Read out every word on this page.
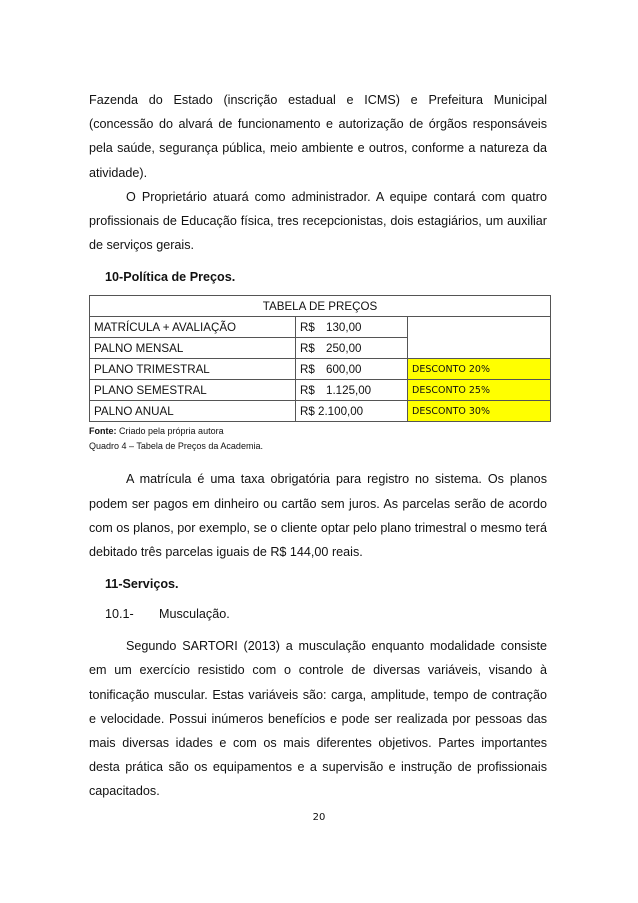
Fazenda do Estado (inscrição estadual e ICMS) e Prefeitura Municipal (concessão do alvará de funcionamento e autorização de órgãos responsáveis pela saúde, segurança pública, meio ambiente e outros, conforme a natureza da atividade).

O Proprietário atuará como administrador. A equipe contará com quatro profissionais de Educação física, tres recepcionistas, dois estagiários, um auxiliar de serviços gerais.

10-Política de Preços.

TABELA DE PREÇOS		
MATRÍCULA + AVALIAÇÃO	R$ 130,00	
PALNO MENSAL	R$ 250,00	
PLANO TRIMESTRAL	R$ 600,00	DESCONTO 20%
PLANO SEMESTRAL	R$ 1.125,00	DESCONTO 25%
PALNO ANUAL	R$ 2.100,00	DESCONTO 30%

Fonte: Criado pela própria autora

Quadro 4 – Tabela de Preços da Academia.

A matrícula é uma taxa obrigatória para registro no sistema. Os planos podem ser pagos em dinheiro ou cartão sem juros. As parcelas serão de acordo com os planos, por exemplo, se o cliente optar pelo plano trimestral o mesmo terá debitado três parcelas iguais de R$ 144,00 reais.

11-Serviços.

10.1- Musculação.

Segundo SARTORI (2013) a musculação enquanto modalidade consiste em um exercício resistido com o controle de diversas variáveis, visando à tonificação muscular. Estas variáveis são: carga, amplitude, tempo de contração e velocidade. Possui inúmeros benefícios e pode ser realizada por pessoas das mais diversas idades e com os mais diferentes objetivos. Partes importantes desta prática são os equipamentos e a supervisão e instrução de profissionais capacitados.

20
